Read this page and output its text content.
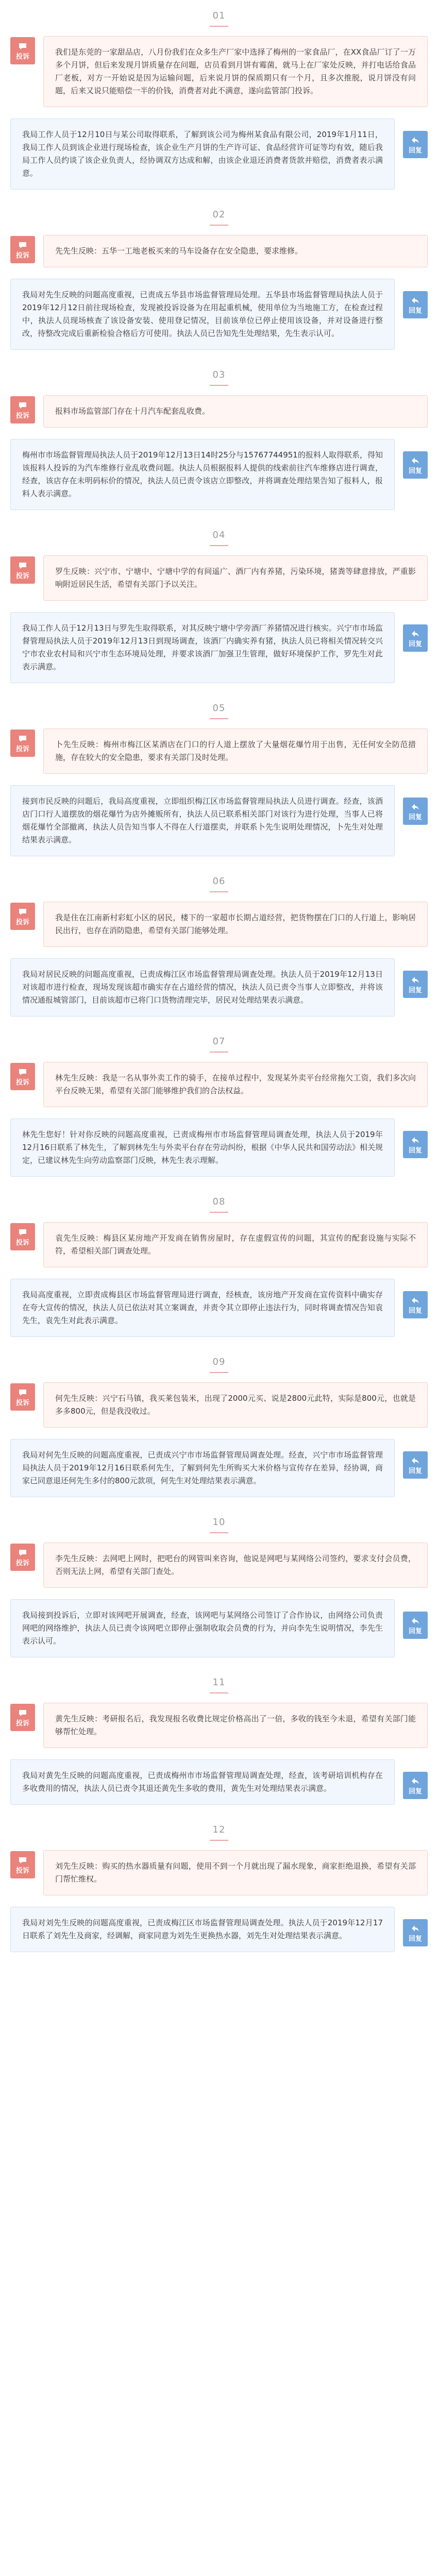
01
投诉
我们是东莞的一家甜品店，八月份我们在众多生产厂家中选择了梅州的一家食品厂，在XX食品厂订了一万多个月饼，但后来发现月饼质量存在问题，店员看到月饼有霉菌，就马上在厂家处反映，并打电话给食品厂老板，对方一开始说是因为运输问题，后来说月饼的保质期只有一个月，且多次推脱，说月饼没有问题，后来又说只能赔偿一半的价钱，消费者对此不满意，遂向监管部门投诉。
回复
我局工作人员于12月10日与某公司取得联系，了解到该公司为梅州某食品有限公司，2019年1月11日，我局工作人员到该企业进行现场检查，该企业生产月饼的生产许可证、食品经营许可证等均有效，随后我局工作人员约谈了该企业负责人，经协调双方达成和解，由该企业退还消费者货款并赔偿，消费者表示满意。
02
投诉
先先生反映：五华一工地老板买来的马车设备存在安全隐患，要求维修。
回复
我局对先生反映的问题高度重视，已责成五华县市场监督管理局处理。五华县市场监督管理局执法人员于2019年12月12日前往现场检查，发现被投诉设备为在用起重机械，使用单位为当地施工方，在检查过程中，执法人员现场核查了该设备安装、使用登记情况，目前该单位已停止使用该设备，并对设备进行整改，待整改完成后重新检验合格后方可使用。执法人员已告知先生处理结果，先生表示认可。
03
投诉
报料市场监管部门存在十月汽车配套乱收费。
回复
梅州市市场监督管理局执法人员于2019年12月13日14时25分与15767744951的报料人取得联系，得知该报料人投诉的为汽车维修行业乱收费问题。执法人员根据报料人提供的线索前往汽车维修店进行调查，经查，该店存在未明码标价的情况，执法人员已责令该店立即整改，并将调查处理结果告知了报料人，报料人表示满意。
04
投诉
罗生反映：兴宁市、宁塘中、宁塘中学的有间遥广、酒厂内有养猪，污染环境，猪粪等肆意排放，严重影响附近居民生活，希望有关部门予以关注。
回复
我局工作人员于12月13日与罗先生取得联系，对其反映宁塘中学旁酒厂养猪情况进行核实。兴宁市市场监督管理局执法人员于2019年12月13日到现场调查，该酒厂内确实养有猪，执法人员已将相关情况转交兴宁市农业农村局和兴宁市生态环境局处理，并要求该酒厂加强卫生管理，做好环境保护工作，罗先生对此表示满意。
05
投诉
卜先生反映：梅州市梅江区某酒店在门口的行人道上摆放了大量烟花爆竹用于出售，无任何安全防范措施，存在较大的安全隐患，要求有关部门及时处理。
回复
接到市民反映的问题后，我局高度重视，立即组织梅江区市场监督管理局执法人员进行调查。经查，该酒店门口行人道摆放的烟花爆竹为店外摊贩所有，执法人员已联系相关部门对该行为进行处理，当事人已将烟花爆竹全部撤离，执法人员告知当事人不得在人行道摆卖，并联系卜先生说明处理情况，卜先生对处理结果表示满意。
06
投诉
我是住在江南新村彩虹小区的居民，楼下的一家超市长期占道经营，把货物摆在门口的人行道上，影响居民出行，也存在消防隐患，希望有关部门能够处理。
回复
我局对居民反映的问题高度重视，已责成梅江区市场监督管理局调查处理。执法人员于2019年12月13日对该超市进行检查，现场发现该超市确实存在占道经营的情况，执法人员已责令当事人立即整改，并将该情况通报城管部门，目前该超市已将门口货物清理完毕，居民对处理结果表示满意。
07
投诉
林先生反映：我是一名从事外卖工作的骑手，在接单过程中，发现某外卖平台经常拖欠工资，我们多次向平台反映无果，希望有关部门能够维护我们的合法权益。
回复
林先生您好！针对你反映的问题高度重视，已责成梅州市市场监督管理局调查处理，执法人员于2019年12月16日联系了林先生，了解到林先生与外卖平台存在劳动纠纷，根据《中华人民共和国劳动法》相关规定，已建议林先生向劳动监察部门反映，林先生表示理解。
08
投诉
袁先生反映：梅县区某房地产开发商在销售房屋时，存在虚假宣传的问题，其宣传的配套设施与实际不符，希望相关部门调查处理。
回复
我局高度重视，立即责成梅县区市场监督管理局进行调查，经核查，该房地产开发商在宣传资料中确实存在夸大宣传的情况，执法人员已依法对其立案调查，并责令其立即停止违法行为，同时将调查情况告知袁先生，袁先生对此表示满意。
09
投诉
何先生反映：兴宁石马镇，我买莱包装米，出现了2000元买、说是2800元此特，实际是800元，也就是多多800元，但是我没收过。
回复
我局对何先生反映的问题高度重视，已责成兴宁市市场监督管理局调查处理。经查，兴宁市市场监督管理局执法人员于2019年12月16日联系何先生，了解到何先生所购买大米价格与宣传存在差异，经协调，商家已同意退还何先生多付的800元款项，何先生对处理结果表示满意。
10
投诉
李先生反映：去网吧上网时，把吧台的网管叫来咨询，他说是网吧与某网络公司签约，要求支付会员费，否则无法上网，希望有关部门查处。
回复
我局接到投诉后，立即对该网吧开展调查，经查，该网吧与某网络公司签订了合作协议，由网络公司负责网吧的网络维护，执法人员已责令该网吧立即停止强制收取会员费的行为，并向李先生说明情况，李先生表示认可。
11
投诉
黄先生反映：考研报名后，我发现报名收费比规定价格高出了一倍，多收的钱至今未退，希望有关部门能够帮忙处理。
回复
我局对黄先生反映的问题高度重视，已责成梅州市市场监督管理局调查处理，经查，该考研培训机构存在多收费用的情况，执法人员已责令其退还黄先生多收的费用，黄先生对处理结果表示满意。
12
投诉
刘先生反映：购买的热水器质量有问题，使用不到一个月就出现了漏水现象，商家拒绝退换，希望有关部门帮忙维权。
回复
我局对刘先生反映的问题高度重视，已责成梅江区市场监督管理局调查处理。执法人员于2019年12月17日联系了刘先生及商家，经调解，商家同意为刘先生更换热水器，刘先生对处理结果表示满意。
